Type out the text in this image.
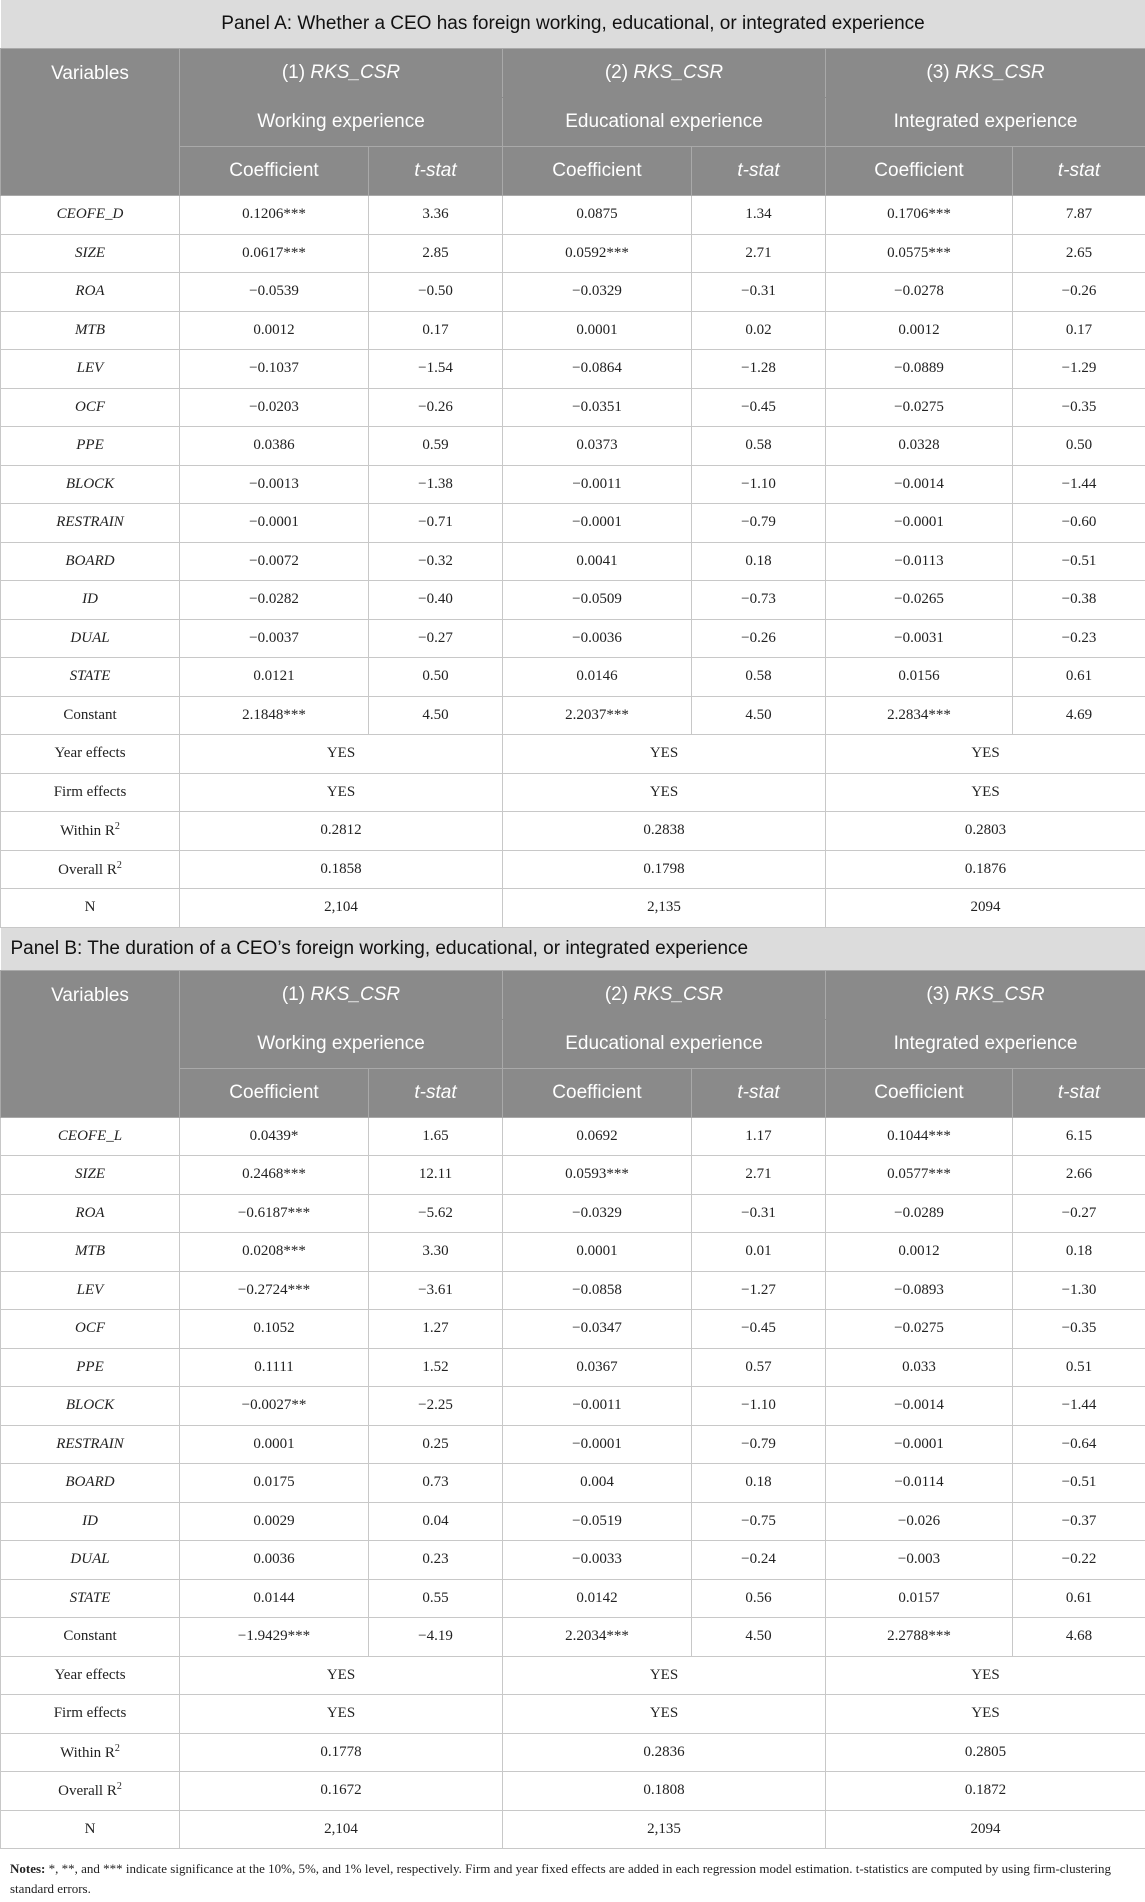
Panel A: Whether a CEO has foreign working, educational, or integrated experience						
Variables	(1) RKS_CSR		(2) RKS_CSR		(3) RKS_CSR	
	Working experience		Educational experience		Integrated experience	
	Coefficient	t-stat	Coefficient	t-stat	Coefficient	t-stat
CEOFE_D	0.1206***	3.36	0.0875	1.34	0.1706***	7.87
SIZE	0.0617***	2.85	0.0592***	2.71	0.0575***	2.65
ROA	−0.0539	−0.50	−0.0329	−0.31	−0.0278	−0.26
MTB	0.0012	0.17	0.0001	0.02	0.0012	0.17
LEV	−0.1037	−1.54	−0.0864	−1.28	−0.0889	−1.29
OCF	−0.0203	−0.26	−0.0351	−0.45	−0.0275	−0.35
PPE	0.0386	0.59	0.0373	0.58	0.0328	0.50
BLOCK	−0.0013	−1.38	−0.0011	−1.10	−0.0014	−1.44
RESTRAIN	−0.0001	−0.71	−0.0001	−0.79	−0.0001	−0.60
BOARD	−0.0072	−0.32	0.0041	0.18	−0.0113	−0.51
ID	−0.0282	−0.40	−0.0509	−0.73	−0.0265	−0.38
DUAL	−0.0037	−0.27	−0.0036	−0.26	−0.0031	−0.23
STATE	0.0121	0.50	0.0146	0.58	0.0156	0.61
Constant	2.1848***	4.50	2.2037***	4.50	2.2834***	4.69
Year effects	YES		YES		YES	
Firm effects	YES		YES		YES	
Within $R^2$	0.2812		0.2838		0.2803	
Overall $R^2$	0.1858		0.1798		0.1876	
N	2,104		2,135		2094	
Panel B: The duration of a CEO’s foreign working, educational, or integrated experience						
Variables	(1) RKS_CSR		(2) RKS_CSR		(3) RKS_CSR	
	Working experience		Educational experience		Integrated experience	
	Coefficient	t-stat	Coefficient	t-stat	Coefficient	t-stat
CEOFE_L	0.0439*	1.65	0.0692	1.17	0.1044***	6.15
SIZE	0.2468***	12.11	0.0593***	2.71	0.0577***	2.66
ROA	−0.6187***	−5.62	−0.0329	−0.31	−0.0289	−0.27
MTB	0.0208***	3.30	0.0001	0.01	0.0012	0.18
LEV	−0.2724***	−3.61	−0.0858	−1.27	−0.0893	−1.30
OCF	0.1052	1.27	−0.0347	−0.45	−0.0275	−0.35
PPE	0.1111	1.52	0.0367	0.57	0.033	0.51
BLOCK	−0.0027**	−2.25	−0.0011	−1.10	−0.0014	−1.44
RESTRAIN	0.0001	0.25	−0.0001	−0.79	−0.0001	−0.64
BOARD	0.0175	0.73	0.004	0.18	−0.0114	−0.51
ID	0.0029	0.04	−0.0519	−0.75	−0.026	−0.37
DUAL	0.0036	0.23	−0.0033	−0.24	−0.003	−0.22
STATE	0.0144	0.55	0.0142	0.56	0.0157	0.61
Constant	−1.9429***	−4.19	2.2034***	4.50	2.2788***	4.68
Year effects	YES		YES		YES	
Firm effects	YES		YES		YES	
Within $R^2$	0.1778		0.2836		0.2805	
Overall $R^2$	0.1672		0.1808		0.1872	
N	2,104		2,135		2094	
Notes: *, **, and *** indicate significance at the 10%, 5%, and 1% level, respectively. Firm and year fixed effects are added in each regression model estimation. t-statistics are computed by using firm-clustering standard errors.
